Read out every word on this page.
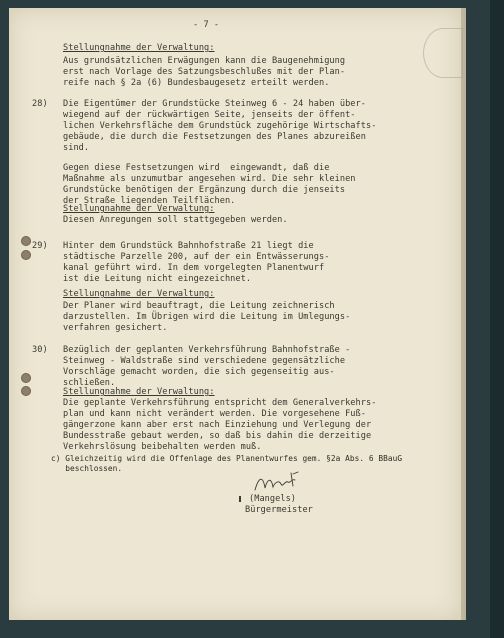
- 7 -
Stellungnahme der Verwaltung:
Aus grundsätzlichen Erwägungen kann die Baugenehmigung
erst nach Vorlage des Satzungsbeschlußes mit der Plan-
reife nach § 2a (6) Bundesbaugesetz erteilt werden.
28) Die Eigentümer der Grundstücke Steinweg 6 - 24 haben über-
wiegend auf der rückwärtigen Seite, jenseits der öffent-
lichen Verkehrsfläche dem Grundstück zugehörige Wirtschafts-
gebäude, die durch die Festsetzungen des Planes abzureißen
sind.
Gegen diese Festsetzungen wird  eingewandt, daß die
Maßnahme als unzumutbar angesehen wird. Die sehr kleinen
Grundstücke benötigen der Ergänzung durch die jenseits
der Straße liegenden Teilflächen.
Stellungnahme der Verwaltung:
Diesen Anregungen soll stattgegeben werden.
29) Hinter dem Grundstück Bahnhofstraße 21 liegt die
städtische Parzelle 200, auf der ein Entwässerungs-
kanal geführt wird. In dem vorgelegten Planentwurf
ist die Leitung nicht eingezeichnet.
Stellungnahme der Verwaltung:
Der Planer wird beauftragt, die Leitung zeichnerisch
darzustellen. Im Übrigen wird die Leitung im Umlegungs-
verfahren gesichert.
30) Bezüglich der geplanten Verkehrsführung Bahnhofstraße -
Steinweg - Waldstraße sind verschiedene gegensätzliche
Vorschläge gemacht worden, die sich gegenseitig aus-
schließen.
Stellungnahme der Verwaltung:
Die geplante Verkehrsführung entspricht dem Generalverkehrs-
plan und kann nicht verändert werden. Die vorgesehene Fuß-
gängerzone kann aber erst nach Einziehung und Verlegung der
Bundesstraße gebaut werden, so daß bis dahin die derzeitige
Verkehrslösung beibehalten werden muß.
c) Gleichzeitig wird die Offenlage des Planentwurfes gem. §2a Abs. 6 BBauG
beschlossen.
(Mangels)
Bürgermeister
